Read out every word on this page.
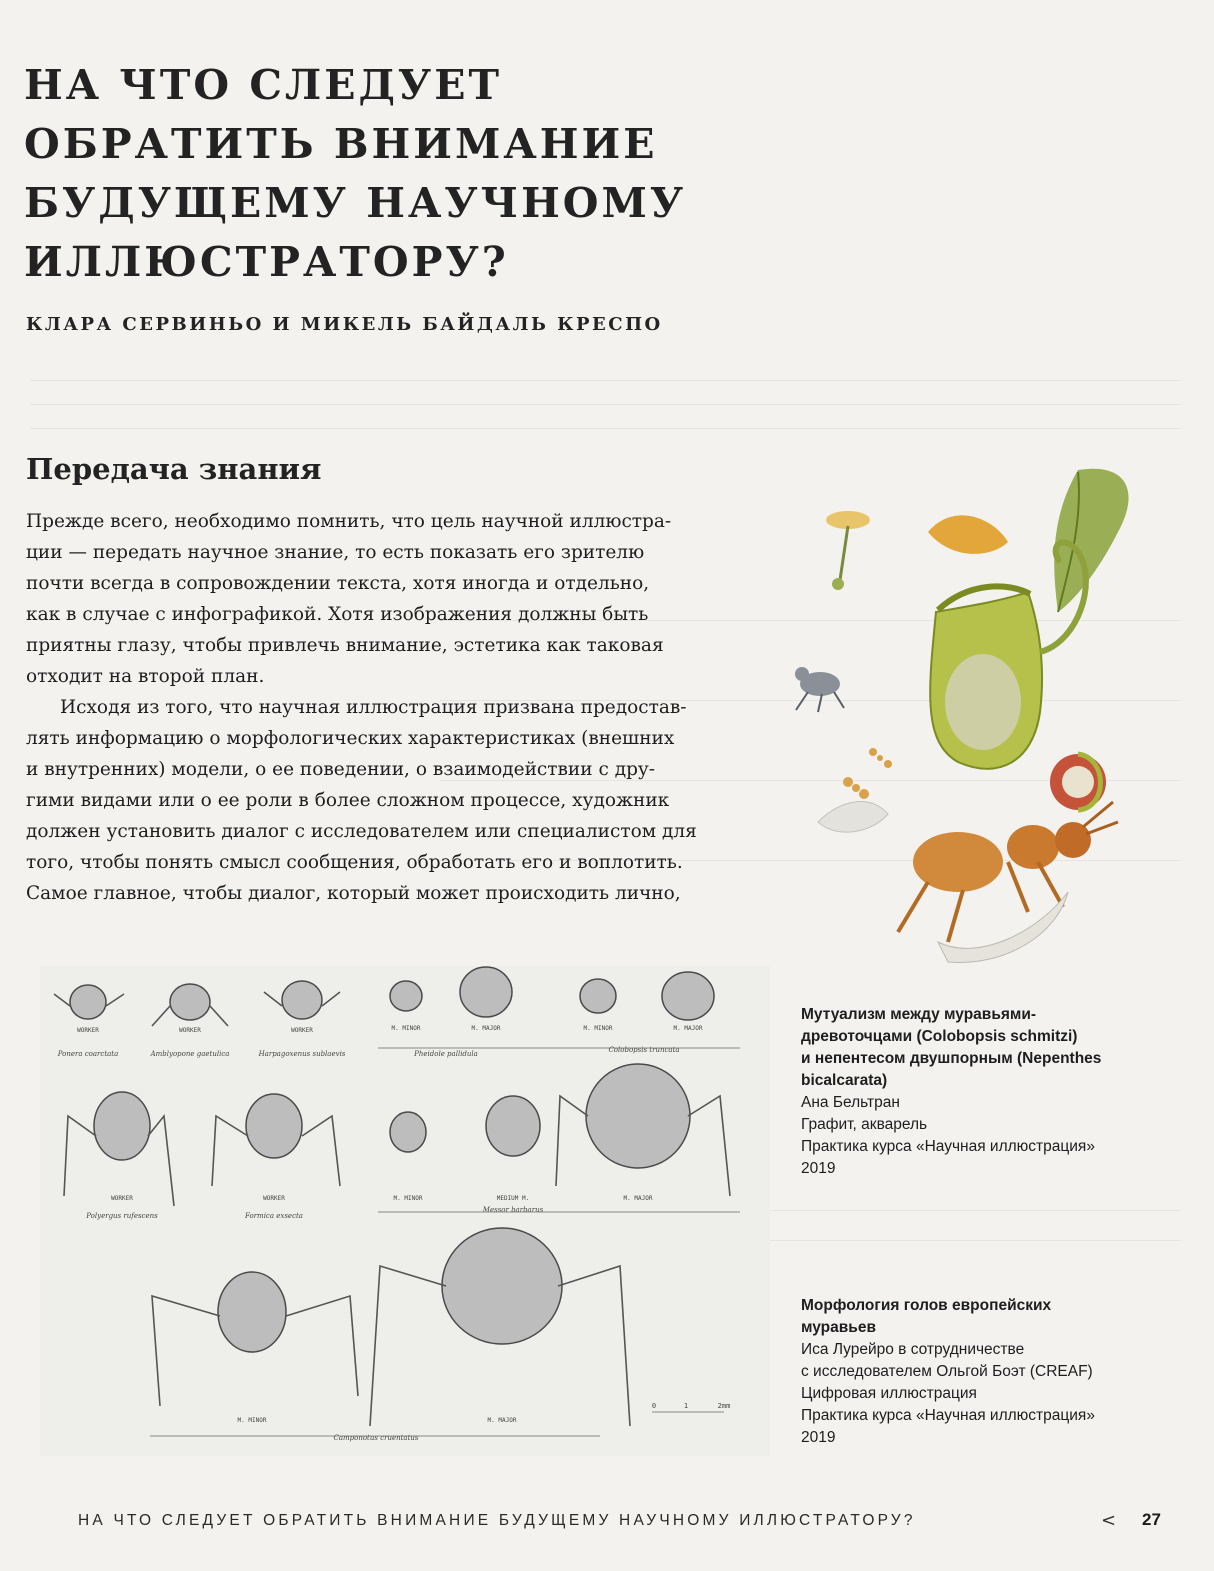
НА ЧТО СЛЕДУЕТ
ОБРАТИТЬ ВНИМАНИЕ
БУДУЩЕМУ НАУЧНОМУ
ИЛЛЮСТРАТОРУ?
КЛАРА СЕРВИНЬО И МИКЕЛЬ БАЙДАЛЬ КРЕСПО
Передача знания
Прежде всего, необходимо помнить, что цель научной иллюстра-
ции — передать научное знание, то есть показать его зрителю
почти всегда в сопровождении текста, хотя иногда и отдельно,
как в случае с инфографикой. Хотя изображения должны быть
приятны глазу, чтобы привлечь внимание, эстетика как таковая
отходит на второй план.
Исходя из того, что научная иллюстрация призвана предостав-
лять информацию о морфологических характеристиках (внешних
и внутренних) модели, о ее поведении, о взаимодействии с дру-
гими видами или о ее роли в более сложном процессе, художник
должен установить диалог с исследователем или специалистом для
того, чтобы понять смысл сообщения, обработать его и воплотить.
Самое главное, чтобы диалог, который может происходить лично,
WORKER	WORKER	WORKER	M. MINOR	M. MAJOR	M. MINOR	M. MAJOR
WORKER	WORKER	M. MINOR	MEDIUM M.	M. MAJOR
M. MINOR	M. MAJOR
Ponera coarctata	Amblyopone gaetulica	Harpagoxenus sublaevis	Pheidole pallidula	Colobopsis truncata
Polyergus rufescens	Formica exsecta
Messor barbarus
Camponotus cruentatus
0	1	2mm
Мутуализм между муравьями-
древоточцами (Colobopsis schmitzi)
и непентесом двушпорным (Nepenthes
bicalcarata)
Ана Бельтран
Графит, акварель
Практика курса «Научная иллюстрация»
2019
Морфология голов европейских
муравьев
Иса Лурейро в сотрудничестве
с исследователем Ольгой Боэт (CREAF)
Цифровая иллюстрация
Практика курса «Научная иллюстрация»
2019
НА ЧТО СЛЕДУЕТ ОБРАТИТЬ ВНИМАНИЕ БУДУЩЕМУ НАУЧНОМУ ИЛЛЮСТРАТОРУ?	< 27
